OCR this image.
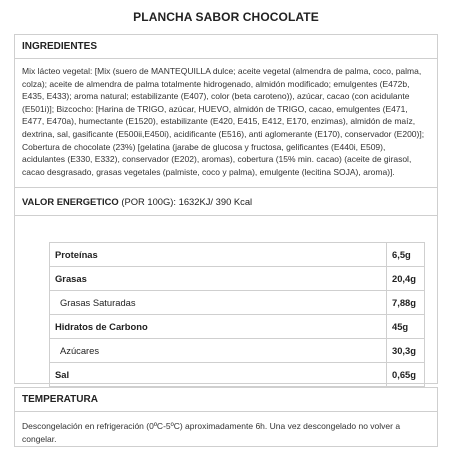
PLANCHA SABOR CHOCOLATE
INGREDIENTES
Mix lácteo vegetal: [Mix (suero de MANTEQUILLA dulce; aceite vegetal (almendra de palma, coco, palma, colza); aceite de almendra de palma totalmente hidrogenado, almidón modificado; emulgentes (E472b, E435, E433); aroma natural; estabilizante (E407), color (beta caroteno)), azúcar, cacao (con acidulante (E501i)]; Bizcocho: [Harina de TRIGO, azúcar, HUEVO, almidón de TRIGO, cacao, emulgentes (E471, E477, E470a), humectante (E1520), estabilizante (E420, E415, E412, E170, enzimas), almidón de maíz, dextrina, sal, gasificante (E500ii,E450i), acidificante (E516), anti aglomerante (E170), conservador (E200)]; Cobertura de chocolate (23%) [gelatina (jarabe de glucosa y fructosa, gelificantes (E440i, E509), acidulantes (E330, E332), conservador (E202), aromas), cobertura (15% min. cacao) (aceite de girasol, cacao desgrasado, grasas vegetales (palmiste, coco y palma), emulgente (lecitina SOJA), aroma)].
VALOR ENERGETICO (POR 100G): 1632KJ/ 390 Kcal
Proteínas	6,5g
Grasas	20,4g
Grasas Saturadas	7,88g
Hidratos de Carbono	45g
Azúcares	30,3g
Sal	0,65g
TEMPERATURA
Descongelación en refrigeración (0ºC-5ºC) aproximadamente 6h. Una vez descongelado no volver a congelar.
